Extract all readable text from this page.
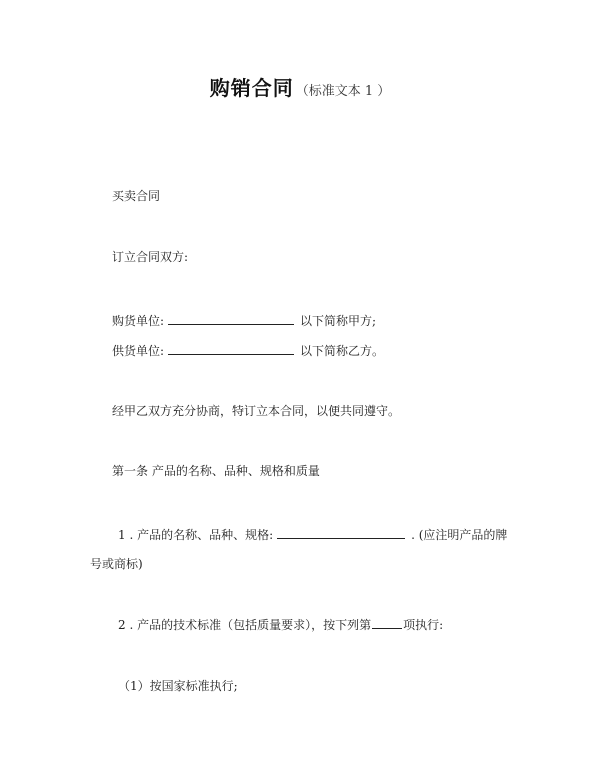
购销合同 （标准文本 1 ）
买卖合同
订立合同双方:
购货单位:	以下简称甲方;
供货单位:	以下简称乙方。
经甲乙双方充分协商，特订立本合同，以便共同遵守。
第一条 产品的名称、品种、规格和质量
1 . 产品的名称、品种、规格:	. (应注明产品的牌
号或商标)
2 . 产品的技术标准（包括质量要求），按下列第	项执行:
（1）按国家标准执行;
